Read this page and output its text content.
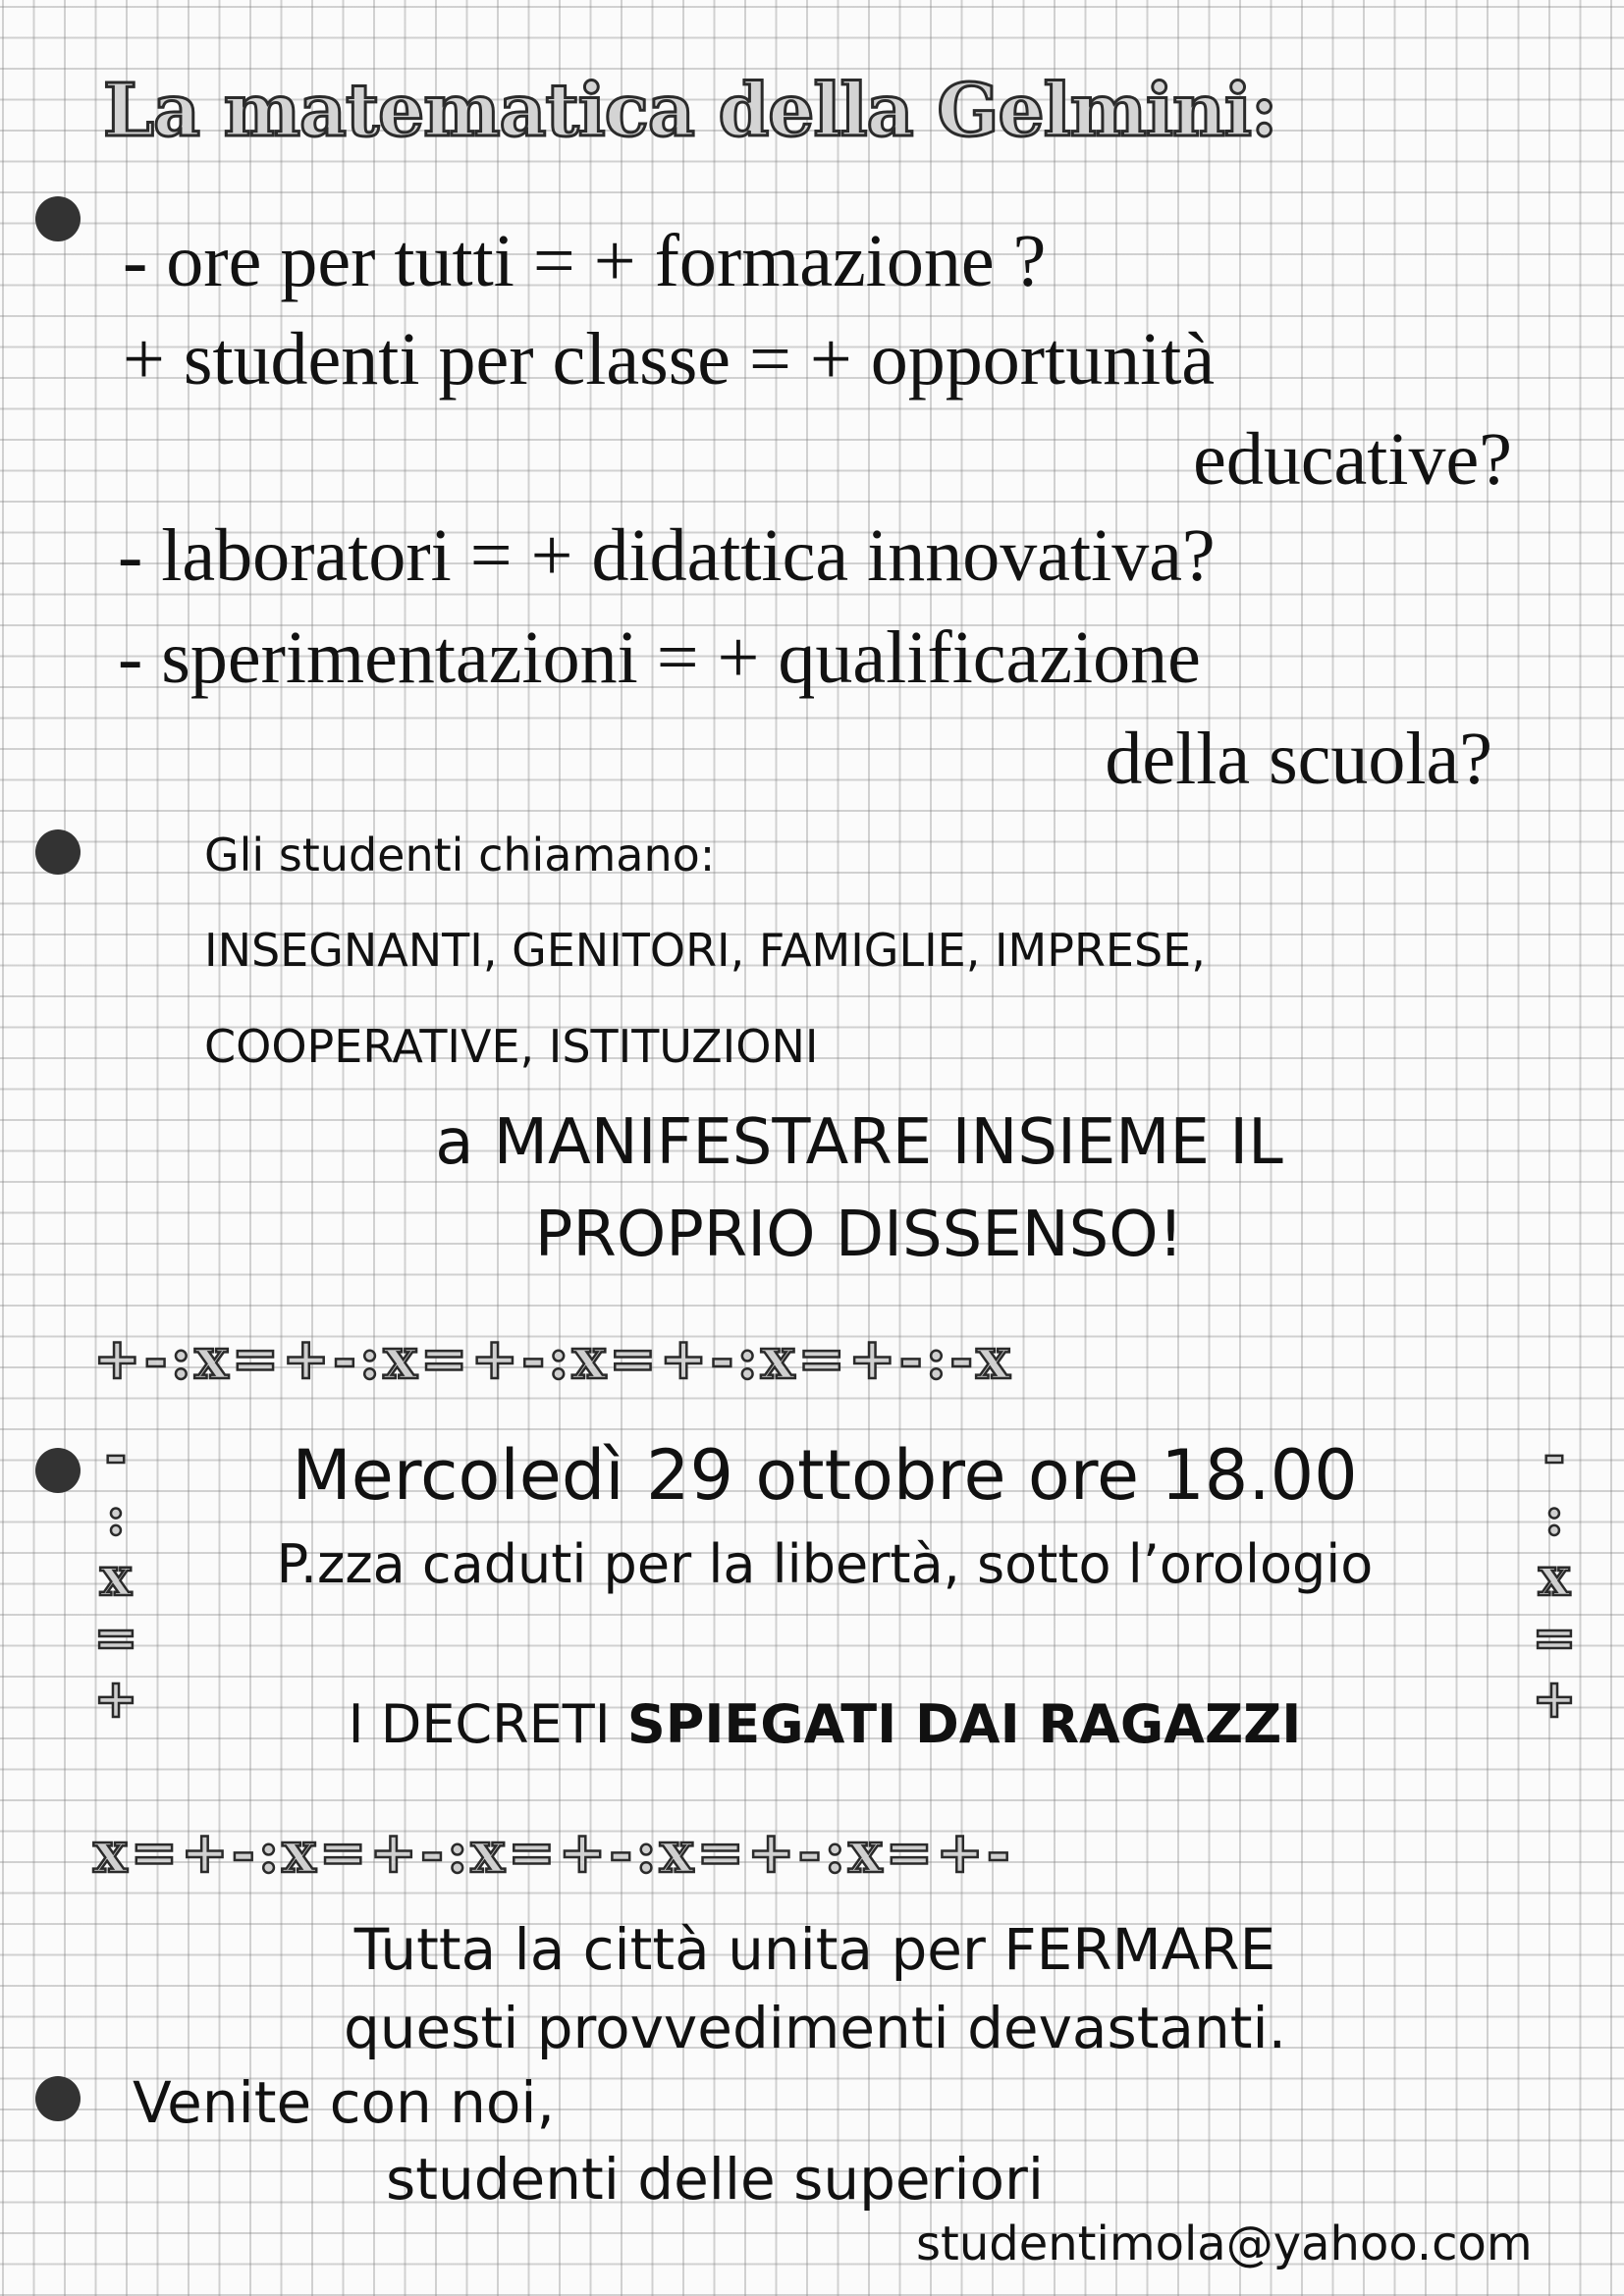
La matematica della Gelmini:
- ore per tutti = + formazione ?
+ studenti per classe = + opportunità
educative?
- laboratori = + didattica innovativa?
- sperimentazioni = + qualificazione
della scuola?
Gli studenti chiamano:
INSEGNANTI, GENITORI, FAMIGLIE, IMPRESE,
COOPERATIVE, ISTITUZIONI
a MANIFESTARE INSIEME IL
PROPRIO DISSENSO!
+-:x=+-:x=+-:x=+-:x=+-:-x
-
:
x
=
+
-
:
x
=
+
x=+-:x=+-:x=+-:x=+-:x=+-
Mercoledì 29 ottobre ore 18.00
P.zza caduti per la libertà, sotto l’orologio
I DECRETI SPIEGATI DAI RAGAZZI
Tutta la città unita per FERMARE
questi provvedimenti devastanti.
Venite con noi,
studenti delle superiori
studentimola@yahoo.com
